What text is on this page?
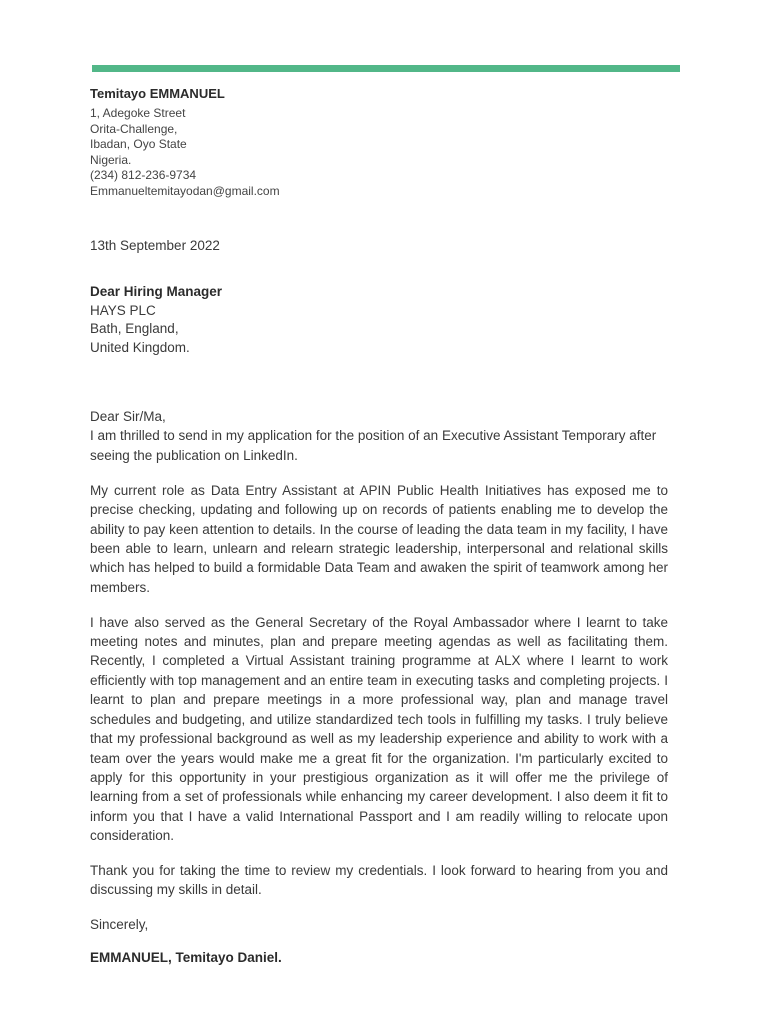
Temitayo EMMANUEL
1, Adegoke Street
Orita-Challenge,
Ibadan, Oyo State
Nigeria.
(234) 812-236-9734
Emmanueltemitayodan@gmail.com
13th September 2022
Dear Hiring Manager
HAYS PLC
Bath, England,
United Kingdom.

Dear Sir/Ma,

I am thrilled to send in my application for the position of an Executive Assistant Temporary after seeing the publication on LinkedIn.

My current role as Data Entry Assistant at APIN Public Health Initiatives has exposed me to precise checking, updating and following up on records of patients enabling me to develop the ability to pay keen attention to details. In the course of leading the data team in my facility, I have been able to learn, unlearn and relearn strategic leadership, interpersonal and relational skills which has helped to build a formidable Data Team and awaken the spirit of teamwork among her members.

I have also served as the General Secretary of the Royal Ambassador where I learnt to take meeting notes and minutes, plan and prepare meeting agendas as well as facilitating them. Recently, I completed a Virtual Assistant training programme at ALX where I learnt to work efficiently with top management and an entire team in executing tasks and completing projects. I learnt to plan and prepare meetings in a more professional way, plan and manage travel schedules and budgeting, and utilize standardized tech tools in fulfilling my tasks. I truly believe that my professional background as well as my leadership experience and ability to work with a team over the years would make me a great fit for the organization. I'm particularly excited to apply for this opportunity in your prestigious organization as it will offer me the privilege of learning from a set of professionals while enhancing my career development. I also deem it fit to inform you that I have a valid International Passport and I am readily willing to relocate upon consideration.

Thank you for taking the time to review my credentials. I look forward to hearing from you and discussing my skills in detail.

Sincerely,

EMMANUEL, Temitayo Daniel.
